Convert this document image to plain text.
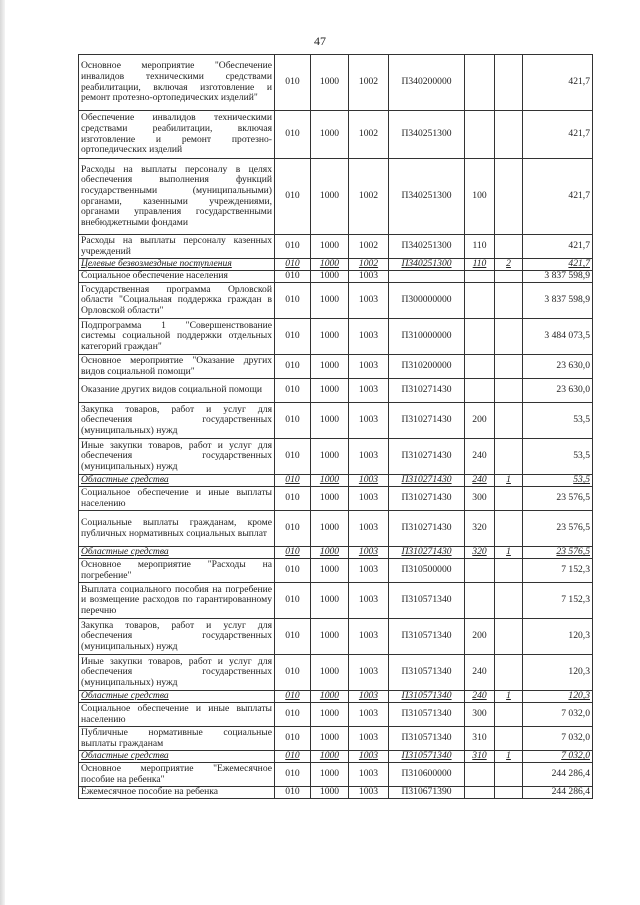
47
Основное мероприятие "Обеспечение инвалидов техническими средствами реабилитации, включая изготовление и ремонт протезно-ортопедических изделий"	010	1000	1002	П340200000			421,7
Обеспечение инвалидов техническими средствами реабилитации, включая изготовление и ремонт протезно-ортопедических изделий	010	1000	1002	П340251300			421,7
Расходы на выплаты персоналу в целях обеспечения выполнения функций государственными (муниципальными) органами, казенными учреждениями, органами управления государственными внебюджетными фондами	010	1000	1002	П340251300	100		421,7
Расходы на выплаты персоналу казенных учреждений	010	1000	1002	П340251300	110		421,7
Целевые безвозмездные поступления	010	1000	1002	П340251300	110	2	421,7
Социальное обеспечение населения	010	1000	1003				3 837 598,9
Государственная программа Орловской области "Социальная поддержка граждан в Орловской области"	010	1000	1003	П300000000			3 837 598,9
Подпрограмма 1 "Совершенствование системы социальной поддержки отдельных категорий граждан"	010	1000	1003	П310000000			3 484 073,5
Основное мероприятие "Оказание других видов социальной помощи"	010	1000	1003	П310200000			23 630,0
Оказание других видов социальной помощи	010	1000	1003	П310271430			23 630,0
Закупка товаров, работ и услуг для обеспечения государственных (муниципальных) нужд	010	1000	1003	П310271430	200		53,5
Иные закупки товаров, работ и услуг для обеспечения государственных (муниципальных) нужд	010	1000	1003	П310271430	240		53,5
Областные средства	010	1000	1003	П310271430	240	1	53,5
Социальное обеспечение и иные выплаты населению	010	1000	1003	П310271430	300		23 576,5
Социальные выплаты гражданам, кроме публичных нормативных социальных выплат	010	1000	1003	П310271430	320		23 576,5
Областные средства	010	1000	1003	П310271430	320	1	23 576,5
Основное мероприятие "Расходы на погребение"	010	1000	1003	П310500000			7 152,3
Выплата социального пособия на погребение и возмещение расходов по гарантированному перечню	010	1000	1003	П310571340			7 152,3
Закупка товаров, работ и услуг для обеспечения государственных (муниципальных) нужд	010	1000	1003	П310571340	200		120,3
Иные закупки товаров, работ и услуг для обеспечения государственных (муниципальных) нужд	010	1000	1003	П310571340	240		120,3
Областные средства	010	1000	1003	П310571340	240	1	120,3
Социальное обеспечение и иные выплаты населению	010	1000	1003	П310571340	300		7 032,0
Публичные нормативные социальные выплаты гражданам	010	1000	1003	П310571340	310		7 032,0
Областные средства	010	1000	1003	П310571340	310	1	7 032,0
Основное мероприятие "Ежемесячное пособие на ребенка"	010	1000	1003	П310600000			244 286,4
Ежемесячное пособие на ребенка	010	1000	1003	П310671390			244 286,4
